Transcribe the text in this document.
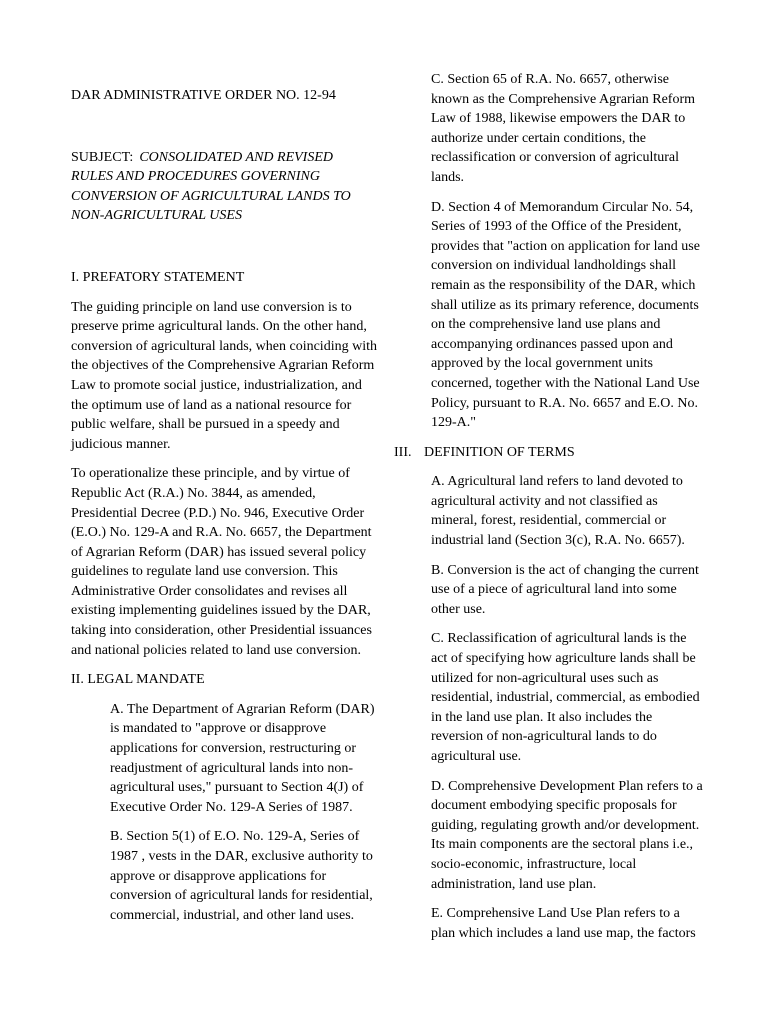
DAR ADMINISTRATIVE ORDER NO. 12-94

SUBJECT: CONSOLIDATED AND REVISED RULES AND PROCEDURES GOVERNING CONVERSION OF AGRICULTURAL LANDS TO NON-AGRICULTURAL USES

I. PREFATORY STATEMENT

The guiding principle on land use conversion is to preserve prime agricultural lands. On the other hand, conversion of agricultural lands, when coinciding with the objectives of the Comprehensive Agrarian Reform Law to promote social justice, industrialization, and the optimum use of land as a national resource for public welfare, shall be pursued in a speedy and judicious manner.

To operationalize these principle, and by virtue of Republic Act (R.A.) No. 3844, as amended, Presidential Decree (P.D.) No. 946, Executive Order (E.O.) No. 129-A and R.A. No. 6657, the Department of Agrarian Reform (DAR) has issued several policy guidelines to regulate land use conversion. This Administrative Order consolidates and revises all existing implementing guidelines issued by the DAR, taking into consideration, other Presidential issuances and national policies related to land use conversion.

II. LEGAL MANDATE

A. The Department of Agrarian Reform (DAR) is mandated to "approve or disapprove applications for conversion, restructuring or readjustment of agricultural lands into non-agricultural uses," pursuant to Section 4(J) of Executive Order No. 129-A Series of 1987.

B. Section 5(1) of E.O. No. 129-A, Series of 1987 , vests in the DAR, exclusive authority to approve or disapprove applications for conversion of agricultural lands for residential, commercial, industrial, and other land uses.

C. Section 65 of R.A. No. 6657, otherwise known as the Comprehensive Agrarian Reform Law of 1988, likewise empowers the DAR to authorize under certain conditions, the reclassification or conversion of agricultural lands.

D. Section 4 of Memorandum Circular No. 54, Series of 1993 of the Office of the President, provides that "action on application for land use conversion on individual landholdings shall remain as the responsibility of the DAR, which shall utilize as its primary reference, documents on the comprehensive land use plans and accompanying ordinances passed upon and approved by the local government units concerned, together with the National Land Use Policy, pursuant to R.A. No. 6657 and E.O. No. 129-A."

III. DEFINITION OF TERMS

A. Agricultural land refers to land devoted to agricultural activity and not classified as mineral, forest, residential, commercial or industrial land (Section 3(c), R.A. No. 6657).

B. Conversion is the act of changing the current use of a piece of agricultural land into some other use.

C. Reclassification of agricultural lands is the act of specifying how agriculture lands shall be utilized for non-agricultural uses such as residential, industrial, commercial, as embodied in the land use plan. It also includes the reversion of non-agricultural lands to do agricultural use.

D. Comprehensive Development Plan refers to a document embodying specific proposals for guiding, regulating growth and/or development. Its main components are the sectoral plans i.e., socio-economic, infrastructure, local administration, land use plan.

E. Comprehensive Land Use Plan refers to a plan which includes a land use map, the factors
